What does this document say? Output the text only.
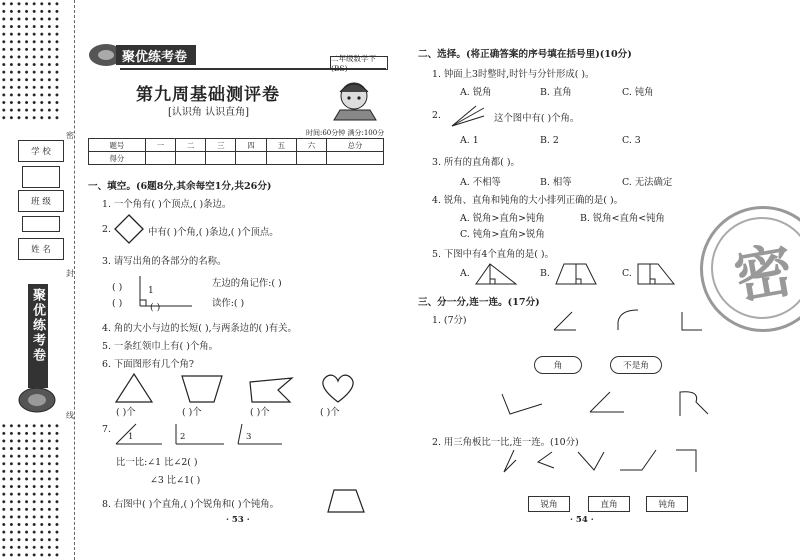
密
封
线
学 校
班 级
姓 名
聚优练考卷
聚优练考卷	二年级数学下(BS)
第九周基础测评卷
[认识角 认识直角]
时间:60分钟 满分:100分
题号	一	二	三	四	五	六	总分
得分							
一、填空。(6题8分,其余每空1分,共26分)
1. 一个角有( )个顶点,( )条边。
2.	中有( )个角,( )条边,( )个顶点。
3. 请写出角的各部分的名称。
1
( )
( )	( )
左边的角记作:( )
读作:( )
4. 角的大小与边的长短( ),与两条边的( )有关。
5. 一条红领巾上有( )个角。
6. 下面图形有几个角?
( )个	( )个	( )个	( )个
7.
1	2	3
比一比:∠1 比∠2( )
∠3 比∠1( )
8. 右图中( )个直角,( )个锐角和( )个钝角。
· 53 ·
二、选择。(将正确答案的序号填在括号里)(10分)
1. 钟面上3时整时,时针与分针形成( )。
A. 锐角	B. 直角	C. 钝角
2.	这个图中有( )个角。
A. 1	B. 2	C. 3
3. 所有的直角都( )。
A. 不相等	B. 相等	C. 无法确定
4. 锐角、直角和钝角的大小排列正确的是( )。
A. 锐角>直角>钝角	B. 锐角<直角<钝角
C. 钝角>直角>锐角
5. 下图中有4个直角的是( )。
A.	B.	C.
三、分一分,连一连。(17分)
1. (7分)
角	不是角
2. 用三角板比一比,连一连。(10分)
锐角	直角	钝角
· 54 ·
密
